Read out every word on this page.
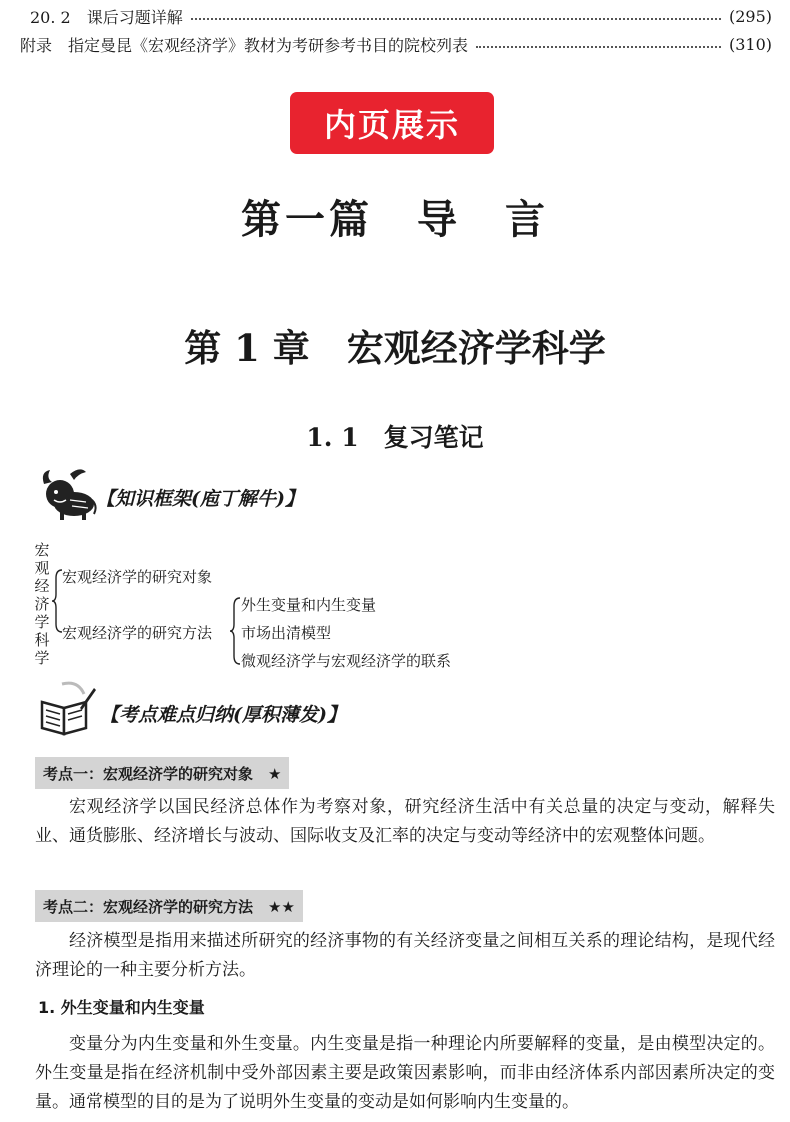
20. 2　课后习题详解	(295)
附录　指定曼昆《宏观经济学》教材为考研参考书目的院校列表	(310)
内页展示
第一篇　导　言
第 1 章　宏观经济学科学
1. 1　复习笔记
【知识框架(庖丁解牛)】
宏观经济学科学
宏观经济学的研究对象
宏观经济学的研究方法
外生变量和内生变量
市场出清模型
微观经济学与宏观经济学的联系
【考点难点归纳(厚积薄发)】
考点一：宏观经济学的研究对象　★
宏观经济学以国民经济总体作为考察对象，研究经济生活中有关总量的决定与变动，解释失业、通货膨胀、经济增长与波动、国际收支及汇率的决定与变动等经济中的宏观整体问题。
考点二：宏观经济学的研究方法　★★
经济模型是指用来描述所研究的经济事物的有关经济变量之间相互关系的理论结构，是现代经济理论的一种主要分析方法。
1. 外生变量和内生变量
变量分为内生变量和外生变量。内生变量是指一种理论内所要解释的变量，是由模型决定的。外生变量是指在经济机制中受外部因素主要是政策因素影响，而非由经济体系内部因素所决定的变量。通常模型的目的是为了说明外生变量的变动是如何影响内生变量的。
